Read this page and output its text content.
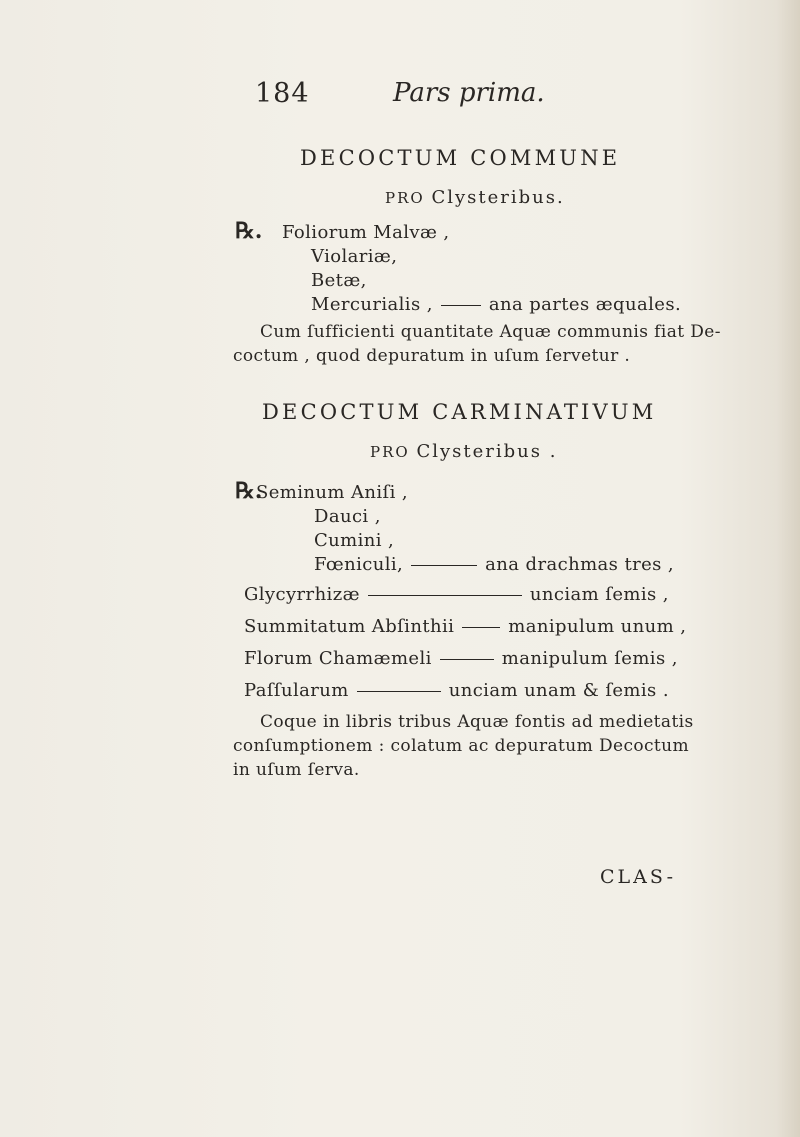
184	Pars prima.
DECOCTUM COMMUNE
PRO Clysteribus.
℞. Foliorum Malvæ ,
Violariæ,
Betæ,
Mercurialis ,	ana partes æquales.
Cum ſufficienti quantitate Aquæ communis fiat De-
coctum , quod depuratum in uſum ſervetur .
DECOCTUM CARMINATIVUM
PRO Clysteribus .
℞.
Seminum Aniſi ,
Dauci ,
Cumini ,
Fœniculi,	ana drachmas tres ,
Glycyrrhizæ	unciam ſemis ,
Summitatum Abſinthii	manipulum unum ,
Florum Chamæmeli	manipulum ſemis ,
Paſſularum	unciam unam & ſemis .
Coque in libris tribus Aquæ fontis ad medietatis
conſumptionem : colatum ac depuratum Decoctum
in uſum ſerva.
CLAS-
